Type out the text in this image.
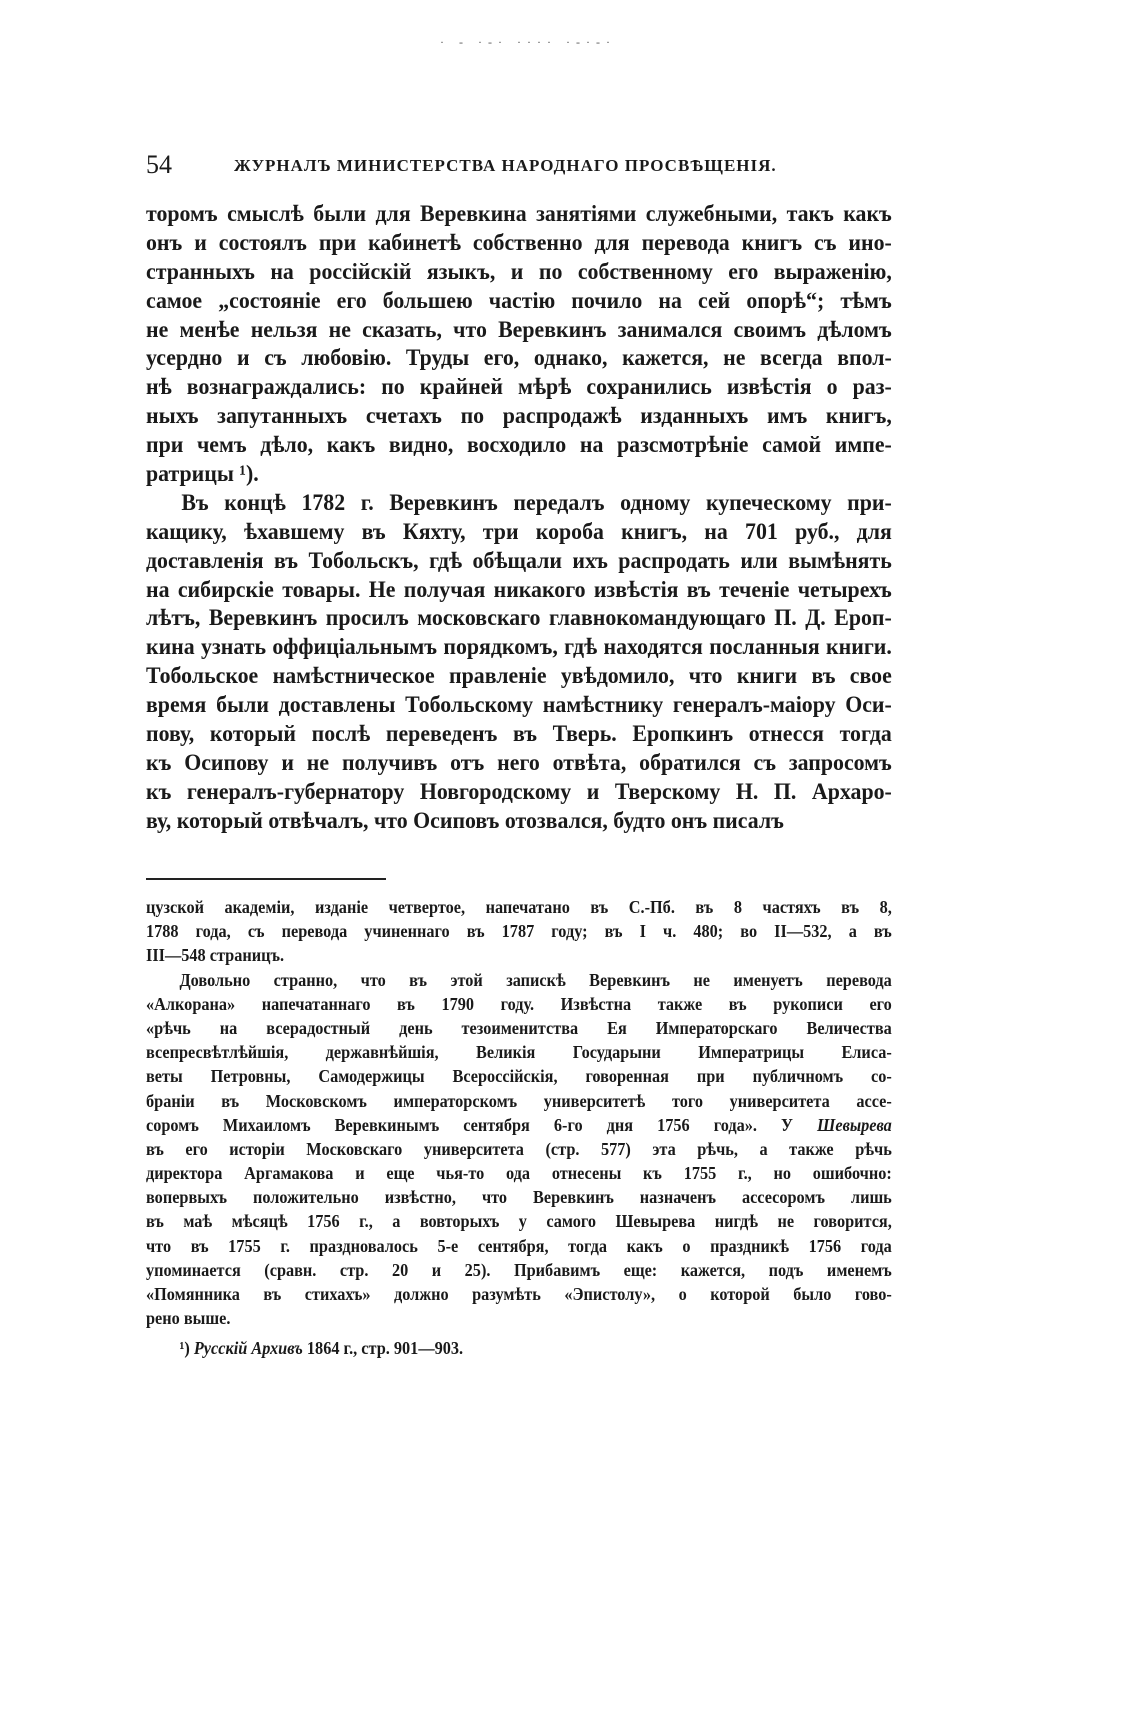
· - ·-· ···· ·-·-·
54	ЖУРНАЛЪ МИНИСТЕРСТВА НАРОДНАГО ПРОСВѢЩЕНІЯ.
торомъ смыслѣ были для Веревкина занятіями служебными, такъ какъ
онъ и состоялъ при кабинетѣ собственно для перевода книгъ съ ино-
странныхъ на россійскій языкъ, и по собственному его выраженію,
самое „состояніе его большею частію почило на сей опорѣ“; тѣмъ
не менѣе нельзя не сказать, что Веревкинъ занимался своимъ дѣломъ
усердно и съ любовію. Труды его, однако, кажется, не всегда впол-
нѣ вознаграждались: по крайней мѣрѣ сохранились извѣстія о раз-
ныхъ запутанныхъ счетахъ по распродажѣ изданныхъ имъ книгъ,
при чемъ дѣло, какъ видно, восходило на разсмотрѣніе самой импе-
ратрицы ¹).
Въ концѣ 1782 г. Веревкинъ передалъ одному купеческому при-
кащику, ѣхавшему въ Кяхту, три короба книгъ, на 701 руб., для
доставленія въ Тобольскъ, гдѣ обѣщали ихъ распродать или вымѣнять
на сибирскіе товары. Не получая никакого извѣстія въ теченіе четырехъ
лѣтъ, Веревкинъ просилъ московскаго главнокомандующаго П. Д. Ероп-
кина узнать оффиціальнымъ порядкомъ, гдѣ находятся посланныя книги.
Тобольское намѣстническое правленіе увѣдомило, что книги въ свое
время были доставлены Тобольскому намѣстнику генералъ-маіору Оси-
пову, который послѣ переведенъ въ Тверь. Еропкинъ отнесся тогда
къ Осипову и не получивъ отъ него отвѣта, обратился съ запросомъ
къ генералъ-губернатору Новгородскому и Тверскому Н. П. Архаро-
ву, который отвѣчалъ, что Осиповъ отозвался, будто онъ писалъ
цузской академіи, изданіе четвертое, напечатано въ С.-Пб. въ 8 частяхъ въ 8,
1788 года, съ перевода учиненнаго въ 1787 году; въ I ч. 480; во II—532, а въ
III—548 страницъ.
Довольно странно, что въ этой запискѣ Веревкинъ не именуетъ перевода
«Алкорана» напечатаннаго въ 1790 году. Извѣстна также въ рукописи его
«рѣчь на всерадостный день тезоименитства Ея Императорскаго Величества
всепресвѣтлѣйшія, державнѣйшія, Великія Государыни Императрицы Елиса-
веты Петровны, Самодержицы Всероссійскія, говоренная при публичномъ со-
браніи въ Московскомъ императорскомъ университетѣ того университета ассе-
соромъ Михаиломъ Веревкинымъ сентября 6-го дня 1756 года». У Шевырева
въ его исторіи Московскаго университета (стр. 577) эта рѣчь, а также рѣчь
директора Аргамакова и еще чья-то ода отнесены къ 1755 г., но ошибочно:
вопервыхъ положительно извѣстно, что Веревкинъ назначенъ ассесоромъ лишь
въ маѣ мѣсяцѣ 1756 г., а вовторыхъ у самого Шевырева нигдѣ не говорится,
что въ 1755 г. праздновалось 5-е сентября, тогда какъ о праздникѣ 1756 года
упоминается (сравн. стр. 20 и 25). Прибавимъ еще: кажется, подъ именемъ
«Помянника въ стихахъ» должно разумѣть «Эпистолу», о которой было гово-
рено выше.
¹) Русскій Архивъ 1864 г., стр. 901—903.
